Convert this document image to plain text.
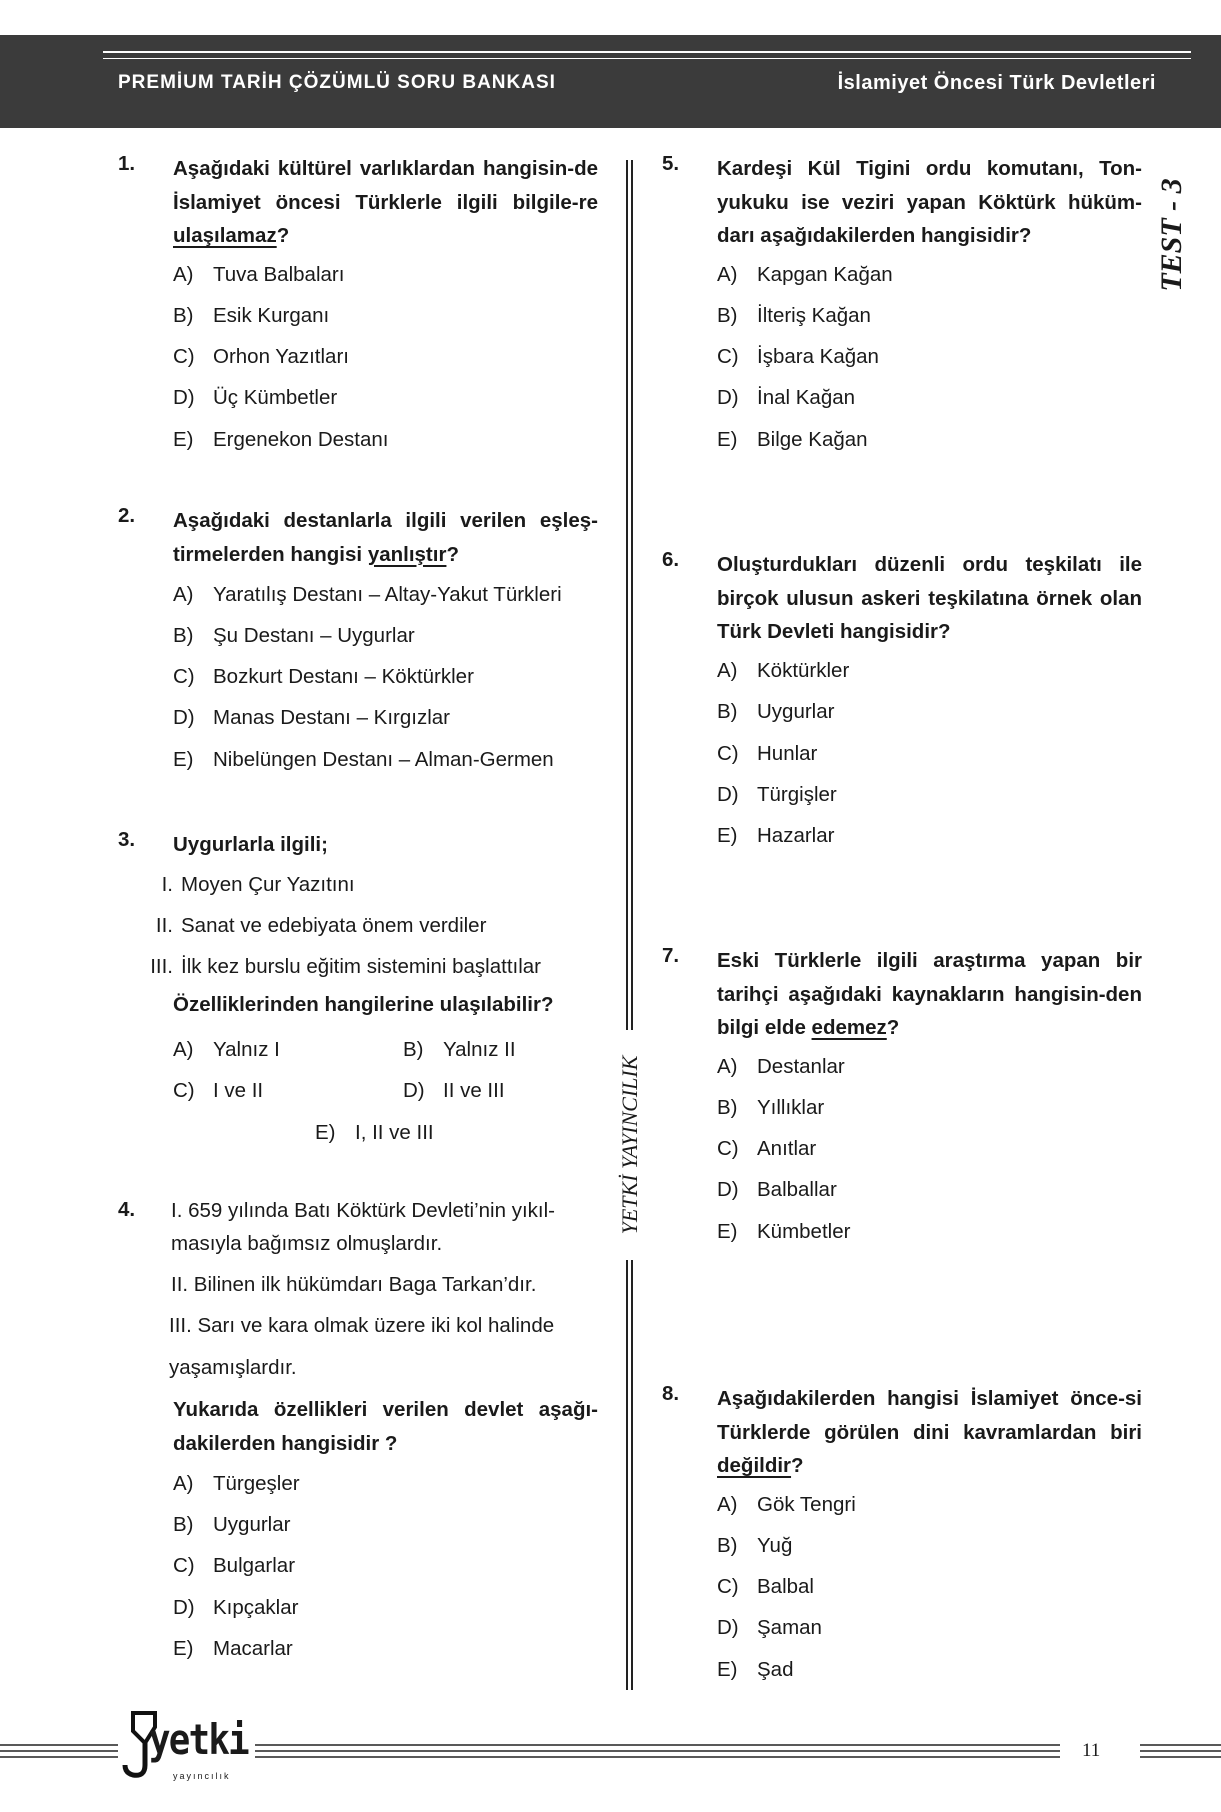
PREMİUM TARİH ÇÖZÜMLÜ SORU BANKASI	İslamiyet Öncesi Türk Devletleri
TEST - 3
YETKİ YAYINCILIK
1. Aşağıdaki kültürel varlıklardan hangisin-de İslamiyet öncesi Türklerle ilgili bilgile-re ulaşılamaz?
A) Tuva Balbaları
B) Esik Kurganı
C) Orhon Yazıtları
D) Üç Kümbetler
E) Ergenekon Destanı
2. Aşağıdaki destanlarla ilgili verilen eşleş-tirmelerden hangisi yanlıştır?
A) Yaratılış Destanı – Altay-Yakut Türkleri
B) Şu Destanı – Uygurlar
C) Bozkurt Destanı – Köktürkler
D) Manas Destanı – Kırgızlar
E) Nibelüngen Destanı – Alman-Germen
3. Uygurlarla ilgili;
I. Moyen Çur Yazıtını
II. Sanat ve edebiyata önem verdiler
III. İlk kez burslu eğitim sistemini başlattılar
Özelliklerinden hangilerine ulaşılabilir?
A) Yalnız I	B) Yalnız II
C) I ve II	D) II ve III
E) I, II ve III
4. I. 659 yılında Batı Köktürk Devleti’nin yıkıl-
masıyla bağımsız olmuşlardır.
II. Bilinen ilk hükümdarı Baga Tarkan’dır.
III. Sarı ve kara olmak üzere iki kol halinde
yaşamışlardır.
Yukarıda özellikleri verilen devlet aşağı-dakilerden hangisidir ?
A) Türgeşler
B) Uygurlar
C) Bulgarlar
D) Kıpçaklar
E) Macarlar
5. Kardeşi Kül Tigini ordu komutanı, Ton-yukuku ise veziri yapan Köktürk hüküm-darı aşağıdakilerden hangisidir?
A) Kapgan Kağan
B) İlteriş Kağan
C) İşbara Kağan
D) İnal Kağan
E) Bilge Kağan
6. Oluşturdukları düzenli ordu teşkilatı ile birçok ulusun askeri teşkilatına örnek olan Türk Devleti hangisidir?
A) Köktürkler
B) Uygurlar
C) Hunlar
D) Türgişler
E) Hazarlar
7. Eski Türklerle ilgili araştırma yapan bir tarihçi aşağıdaki kaynakların hangisin-den bilgi elde edemez?
A) Destanlar
B) Yıllıklar
C) Anıtlar
D) Balballar
E) Kümbetler
8. Aşağıdakilerden hangisi İslamiyet önce-si Türklerde görülen dini kavramlardan biri değildir?
A) Gök Tengri
B) Yuğ
C) Balbal
D) Şaman
E) Şad
yetki
yayıncılık
11
